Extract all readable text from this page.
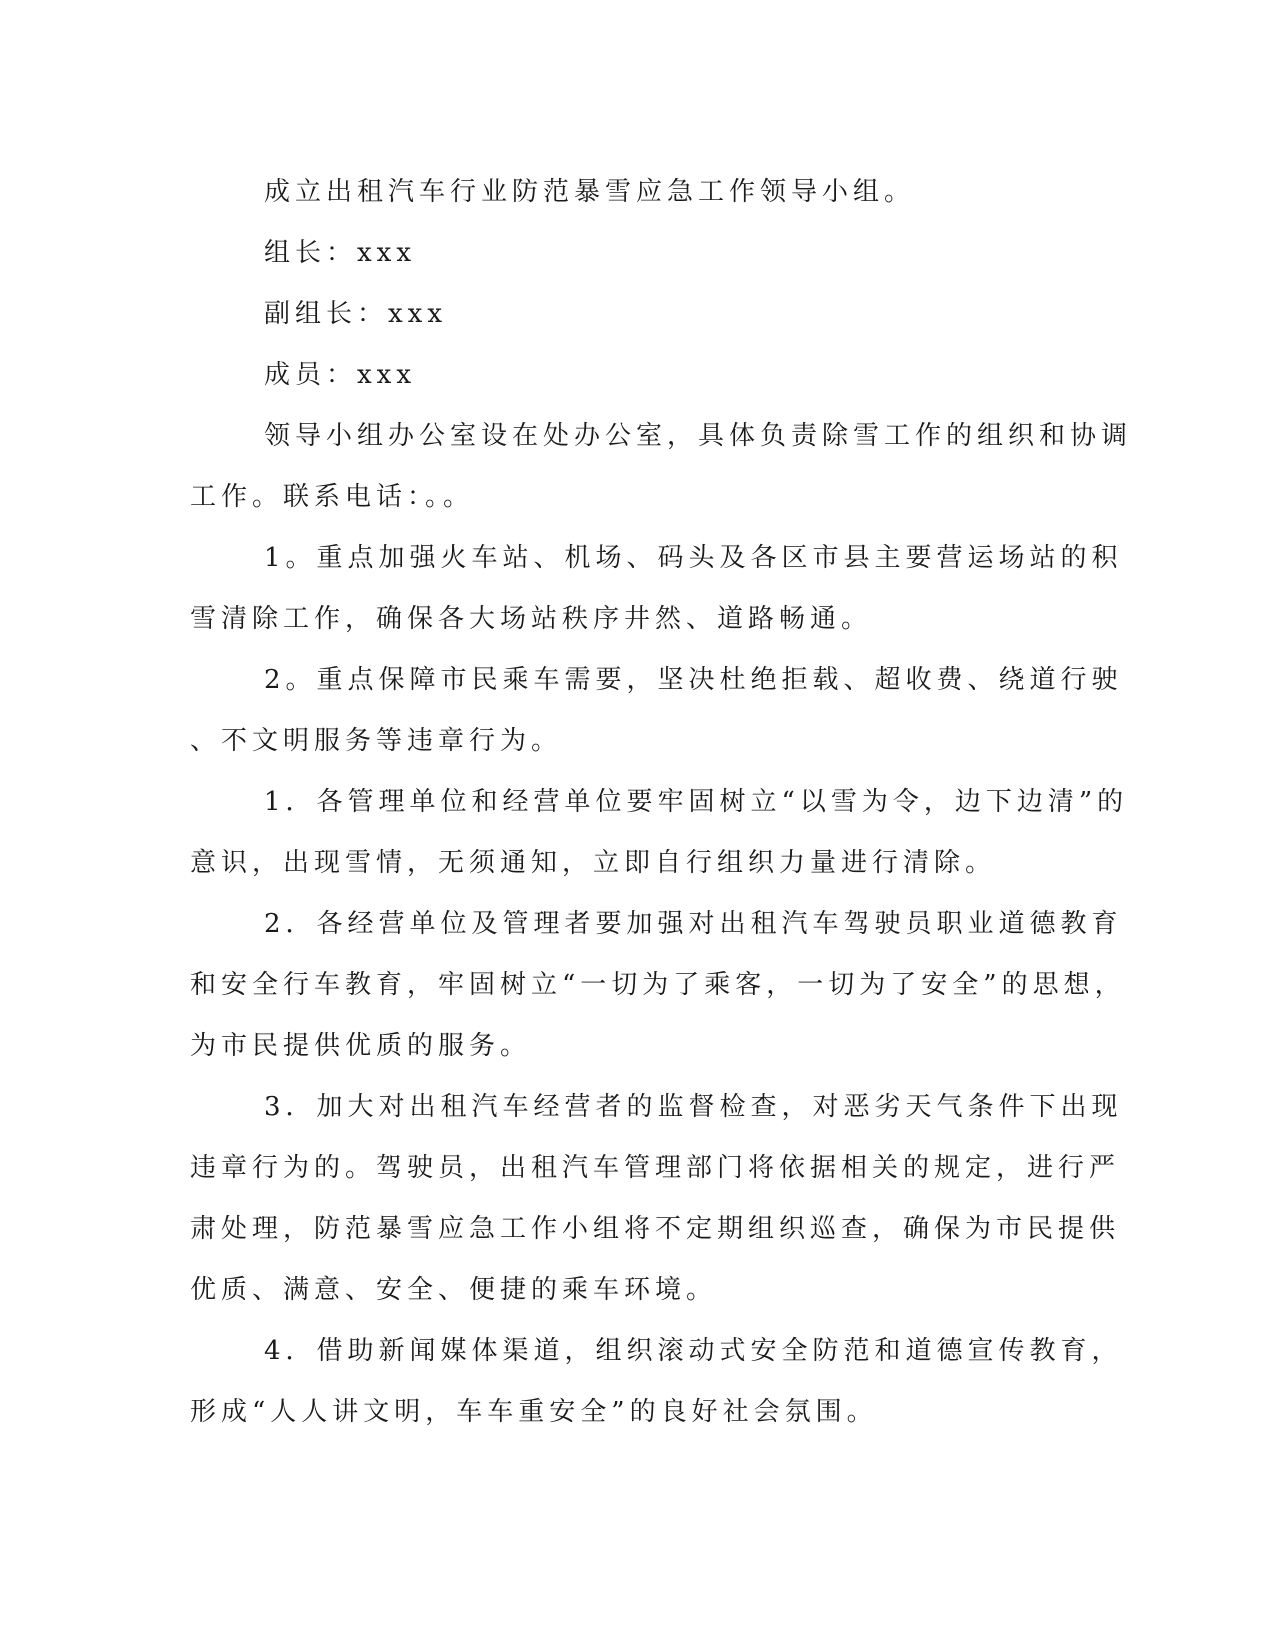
成立出租汽车行业防范暴雪应急工作领导小组。
组长：xxx
副组长：xxx
成员：xxx
领导小组办公室设在处办公室，具体负责除雪工作的组织和协调
工作。联系电话：。。
1。重点加强火车站、机场、码头及各区市县主要营运场站的积
雪清除工作，确保各大场站秩序井然、道路畅通。
2。重点保障市民乘车需要，坚决杜绝拒载、超收费、绕道行驶
、不文明服务等违章行为。
1．各管理单位和经营单位要牢固树立“以雪为令，边下边清”的
意识，出现雪情，无须通知，立即自行组织力量进行清除。
2．各经营单位及管理者要加强对出租汽车驾驶员职业道德教育
和安全行车教育，牢固树立“一切为了乘客，一切为了安全”的思想，
为市民提供优质的服务。
3．加大对出租汽车经营者的监督检查，对恶劣天气条件下出现
违章行为的。驾驶员，出租汽车管理部门将依据相关的规定，进行严
肃处理，防范暴雪应急工作小组将不定期组织巡查，确保为市民提供
优质、满意、安全、便捷的乘车环境。
4．借助新闻媒体渠道，组织滚动式安全防范和道德宣传教育，
形成“人人讲文明，车车重安全”的良好社会氛围。
